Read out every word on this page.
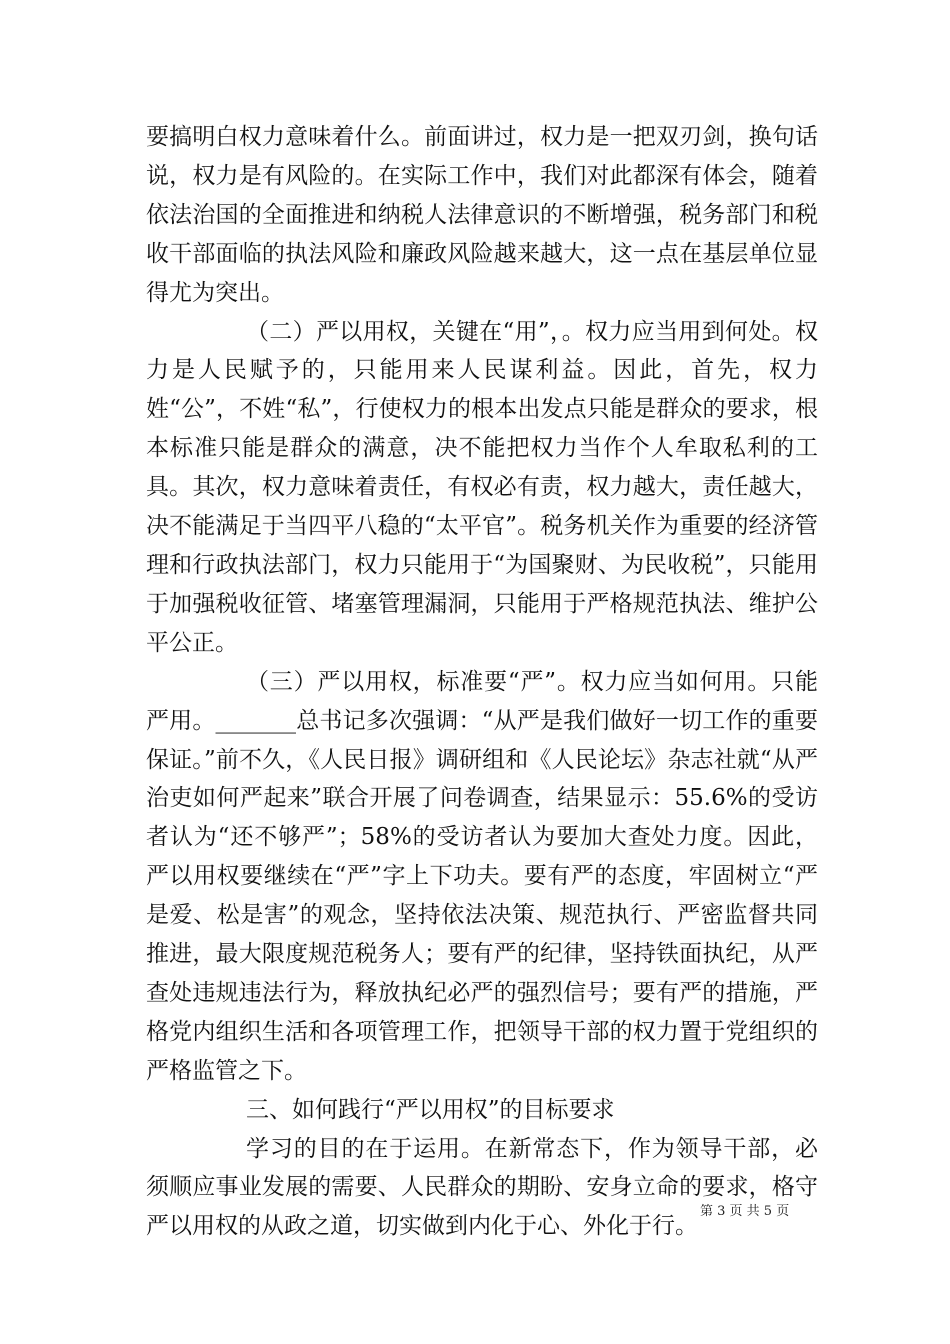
要搞明白权力意味着什么。前面讲过，权力是一把双刃剑，换句话说，权力是有风险的。在实际工作中，我们对此都深有体会，随着依法治国的全面推进和纳税人法律意识的不断增强，税务部门和税收干部面临的执法风险和廉政风险越来越大，这一点在基层单位显得尤为突出。

（二）严以用权，关键在“用”，。权力应当用到何处。权力是人民赋予的，只能用来人民谋利益。因此，首先，权力姓“公”，不姓“私”，行使权力的根本出发点只能是群众的要求，根本标准只能是群众的满意，决不能把权力当作个人牟取私利的工具。其次，权力意味着责任，有权必有责，权力越大，责任越大，决不能满足于当四平八稳的“太平官”。税务机关作为重要的经济管理和行政执法部门，权力只能用于“为国聚财、为民收税”，只能用于加强税收征管、堵塞管理漏洞，只能用于严格规范执法、维护公平公正。

（三）严以用权，标准要“严”。权力应当如何用。只能严用。_______总书记多次强调：“从严是我们做好一切工作的重要保证。”前不久，《人民日报》调研组和《人民论坛》杂志社就“从严治吏如何严起来”联合开展了问卷调查，结果显示：55.6%的受访者认为“还不够严”；58%的受访者认为要加大查处力度。因此，严以用权要继续在“严”字上下功夫。要有严的态度，牢固树立“严是爱、松是害”的观念，坚持依法决策、规范执行、严密监督共同推进，最大限度规范税务人；要有严的纪律，坚持铁面执纪，从严查处违规违法行为，释放执纪必严的强烈信号；要有严的措施，严格党内组织生活和各项管理工作，把领导干部的权力置于党组织的严格监管之下。

三、如何践行“严以用权”的目标要求

学习的目的在于运用。在新常态下，作为领导干部，必须顺应事业发展的需要、人民群众的期盼、安身立命的要求，格守严以用权的从政之道，切实做到内化于心、外化于行。

第 3 页 共 5 页
